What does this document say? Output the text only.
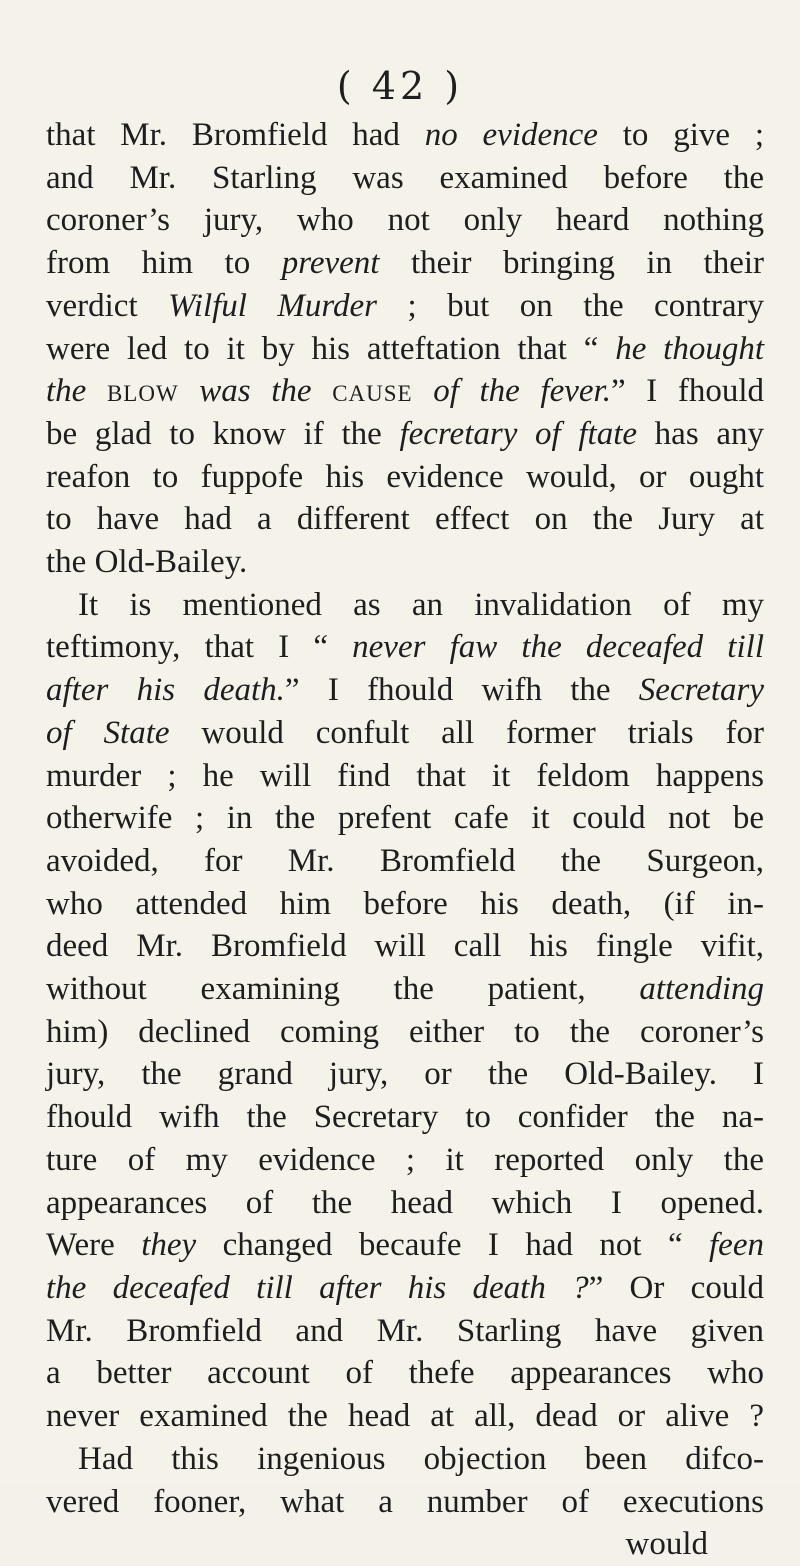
( 42 )
that Mr. Bromfield had no evidence to give ;
and Mr. Starling was examined before the
coroner’s jury, who not only heard nothing
from him to prevent their bringing in their
verdict Wilful Murder ; but on the contrary
were led to it by his atteftation that “ he thought
the blow was the cause of the fever.” I fhould
be glad to know if the fecretary of ftate has any
reafon to fuppofe his evidence would, or ought
to have had a different effect on the Jury at
the Old-Bailey.
It is mentioned as an invalidation of my
teftimony, that I “ never faw the deceafed till
after his death.” I fhould wifh the Secretary
of State would confult all former trials for
murder ; he will find that it feldom happens
otherwife ; in the prefent cafe it could not be
avoided, for Mr. Bromfield the Surgeon,
who attended him before his death, (if in-
deed Mr. Bromfield will call his fingle vifit,
without examining the patient, attending
him) declined coming either to the coroner’s
jury, the grand jury, or the Old-Bailey. I
fhould wifh the Secretary to confider the na-
ture of my evidence ; it reported only the
appearances of the head which I opened.
Were they changed becaufe I had not “ feen
the deceafed till after his death ?” Or could
Mr. Bromfield and Mr. Starling have given
a better account of thefe appearances who
never examined the head at all, dead or alive ?
Had this ingenious objection been difco-
vered fooner, what a number of executions
would
